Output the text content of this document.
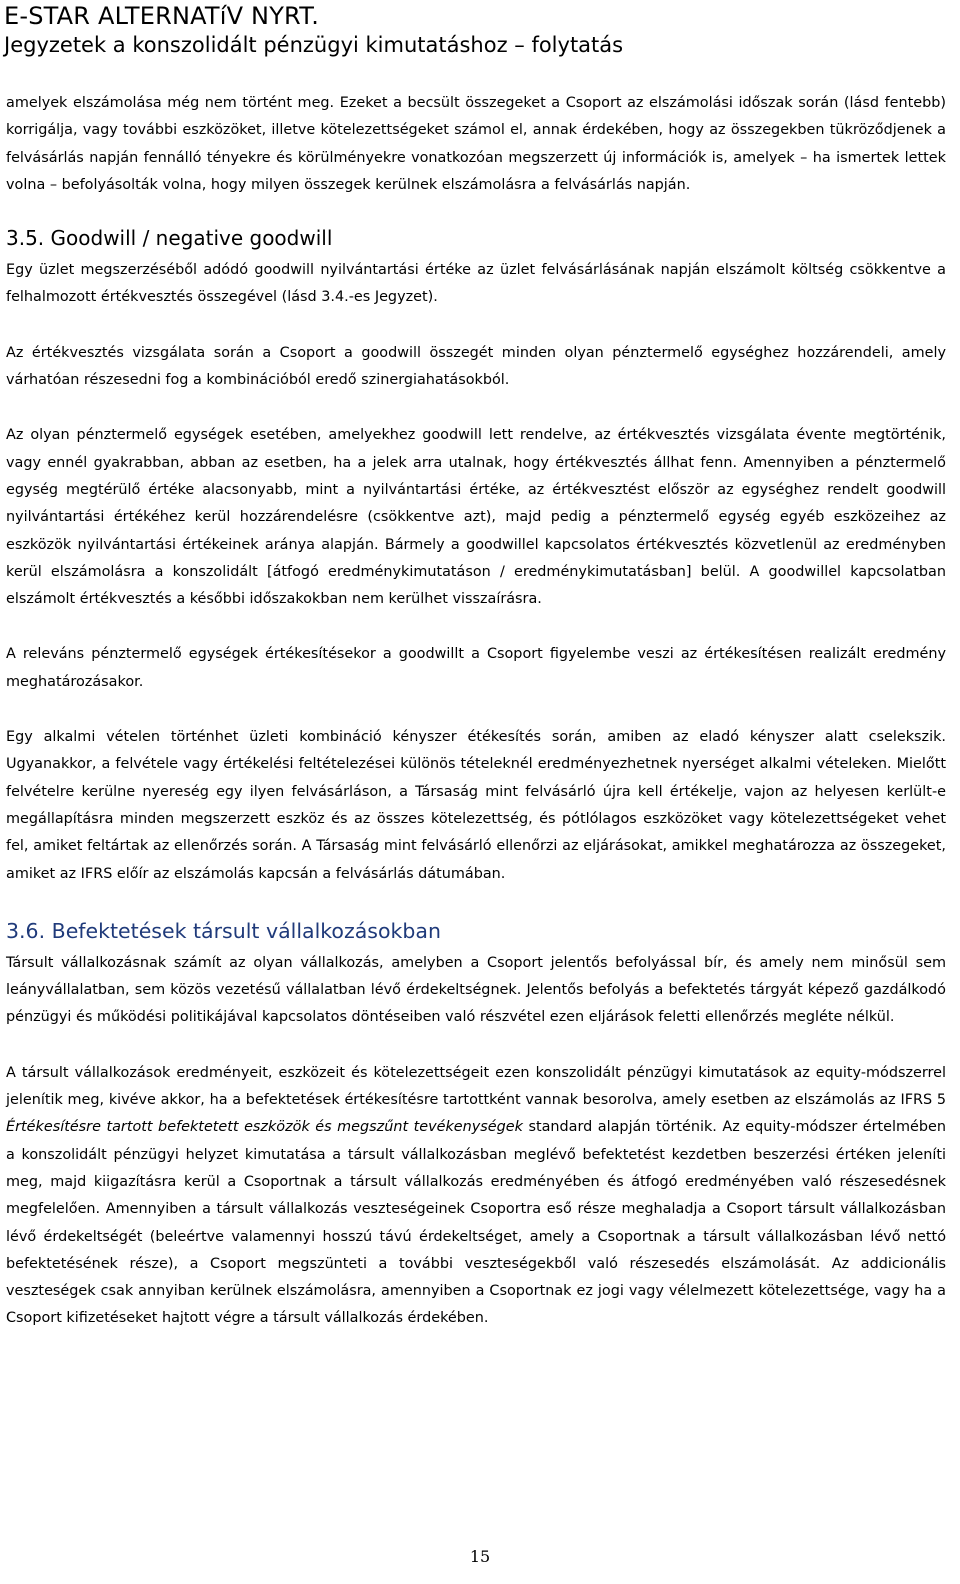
E-STAR ALTERNATíV NYRT.
Jegyzetek a konszolidált pénzügyi kimutatáshoz – folytatás

amelyek elszámolása még nem történt meg. Ezeket a becsült összegeket a Csoport az elszámolási időszak során (lásd fentebb) korrigálja, vagy további eszközöket, illetve kötelezettségeket számol el, annak érdekében, hogy az összegekben tükröződjenek a felvásárlás napján fennálló tényekre és körülményekre vonatkozóan megszerzett új információk is, amelyek – ha ismertek lettek volna – befolyásolták volna, hogy milyen összegek kerülnek elszámolásra a felvásárlás napján.

3.5. Goodwill / negative goodwill

Egy üzlet megszerzéséből adódó goodwill nyilvántartási értéke az üzlet felvásárlásának napján elszámolt költség csökkentve a felhalmozott értékvesztés összegével (lásd 3.4.-es Jegyzet).

Az értékvesztés vizsgálata során a Csoport a goodwill összegét minden olyan pénztermelő egységhez hozzárendeli, amely várhatóan részesedni fog a kombinációból eredő szinergiahatásokból.

Az olyan pénztermelő egységek esetében, amelyekhez goodwill lett rendelve, az értékvesztés vizsgálata évente megtörténik, vagy ennél gyakrabban, abban az esetben, ha a jelek arra utalnak, hogy értékvesztés állhat fenn. Amennyiben a pénztermelő egység megtérülő értéke alacsonyabb, mint a nyilvántartási értéke, az értékvesztést először az egységhez rendelt goodwill nyilvántartási értékéhez kerül hozzárendelésre (csökkentve azt), majd pedig a pénztermelő egység egyéb eszközeihez az eszközök nyilvántartási értékeinek aránya alapján. Bármely a goodwillel kapcsolatos értékvesztés közvetlenül az eredményben kerül elszámolásra a konszolidált [átfogó eredménykimutatáson / eredménykimutatásban] belül. A goodwillel kapcsolatban elszámolt értékvesztés a későbbi időszakokban nem kerülhet visszaírásra.

A releváns pénztermelő egységek értékesítésekor a goodwillt a Csoport figyelembe veszi az értékesítésen realizált eredmény meghatározásakor.

Egy alkalmi vételen történhet üzleti kombináció kényszer étékesítés során, amiben az eladó kényszer alatt cselekszik. Ugyanakkor, a felvétele vagy értékelési feltételezései különös tételeknél eredményezhetnek nyerséget alkalmi vételeken. Mielőtt felvételre kerülne nyereség egy ilyen felvásárláson, a Társaság mint felvásárló újra kell értékelje, vajon az helyesen kerlült-e megállapításra minden megszerzett eszköz és az összes kötelezettség, és pótlólagos eszközöket vagy kötelezettségeket vehet fel, amiket feltártak az ellenőrzés során. A Társaság mint felvásárló ellenőrzi az eljárásokat, amikkel meghatározza az összegeket, amiket az IFRS előír az elszámolás kapcsán a felvásárlás dátumában.

3.6. Befektetések társult vállalkozásokban

Társult vállalkozásnak számít az olyan vállalkozás, amelyben a Csoport jelentős befolyással bír, és amely nem minősül sem leányvállalatban, sem közös vezetésű vállalatban lévő érdekeltségnek. Jelentős befolyás a befektetés tárgyát képező gazdálkodó pénzügyi és működési politikájával kapcsolatos döntéseiben való részvétel ezen eljárások feletti ellenőrzés megléte nélkül.

A társult vállalkozások eredményeit, eszközeit és kötelezettségeit ezen konszolidált pénzügyi kimutatások az equity-módszerrel jelenítik meg, kivéve akkor, ha a befektetések értékesítésre tartottként vannak besorolva, amely esetben az elszámolás az IFRS 5 Értékesítésre tartott befektetett eszközök és megszűnt tevékenységek standard alapján történik. Az equity-módszer értelmében a konszolidált pénzügyi helyzet kimutatása a társult vállalkozásban meglévő befektetést kezdetben beszerzési értéken jeleníti meg, majd kiigazításra kerül a Csoportnak a társult vállalkozás eredményében és átfogó eredményében való részesedésnek megfelelően. Amennyiben a társult vállalkozás veszteségeinek Csoportra eső része meghaladja a Csoport társult vállalkozásban lévő érdekeltségét (beleértve valamennyi hosszú távú érdekeltséget, amely a Csoportnak a társult vállalkozásban lévő nettó befektetésének része), a Csoport megszünteti a további veszteségekből való részesedés elszámolását. Az addicionális veszteségek csak annyiban kerülnek elszámolásra, amennyiben a Csoportnak ez jogi vagy vélelmezett kötelezettsége, vagy ha a Csoport kifizetéseket hajtott végre a társult vállalkozás érdekében.

15
